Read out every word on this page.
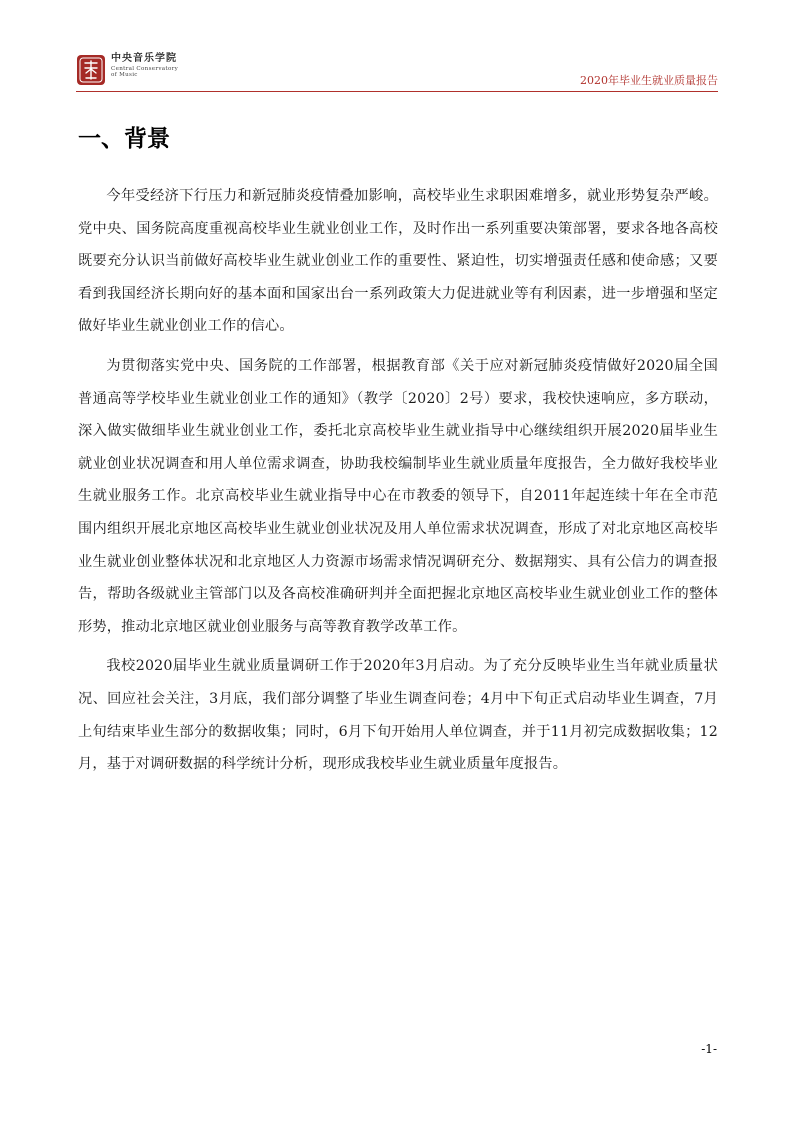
中央音乐学院
Central Conservatory
of Music	2020年毕业生就业质量报告
一、背景

今年受经济下行压力和新冠肺炎疫情叠加影响，高校毕业生求职困难增多，就业形势复杂严峻。党中央、国务院高度重视高校毕业生就业创业工作，及时作出一系列重要决策部署，要求各地各高校既要充分认识当前做好高校毕业生就业创业工作的重要性、紧迫性，切实增强责任感和使命感；又要看到我国经济长期向好的基本面和国家出台一系列政策大力促进就业等有利因素，进一步增强和坚定做好毕业生就业创业工作的信心。

为贯彻落实党中央、国务院的工作部署，根据教育部《关于应对新冠肺炎疫情做好2020届全国普通高等学校毕业生就业创业工作的通知》（教学〔2020〕2号）要求，我校快速响应，多方联动，深入做实做细毕业生就业创业工作，委托北京高校毕业生就业指导中心继续组织开展2020届毕业生就业创业状况调查和用人单位需求调查，协助我校编制毕业生就业质量年度报告，全力做好我校毕业生就业服务工作。北京高校毕业生就业指导中心在市教委的领导下，自2011年起连续十年在全市范围内组织开展北京地区高校毕业生就业创业状况及用人单位需求状况调查，形成了对北京地区高校毕业生就业创业整体状况和北京地区人力资源市场需求情况调研充分、数据翔实、具有公信力的调查报告，帮助各级就业主管部门以及各高校准确研判并全面把握北京地区高校毕业生就业创业工作的整体形势，推动北京地区就业创业服务与高等教育教学改革工作。

我校2020届毕业生就业质量调研工作于2020年3月启动。为了充分反映毕业生当年就业质量状况、回应社会关注，3月底，我们部分调整了毕业生调查问卷；4月中下旬正式启动毕业生调查，7月上旬结束毕业生部分的数据收集；同时，6月下旬开始用人单位调查，并于11月初完成数据收集；12月，基于对调研数据的科学统计分析，现形成我校毕业生就业质量年度报告。

-1-
